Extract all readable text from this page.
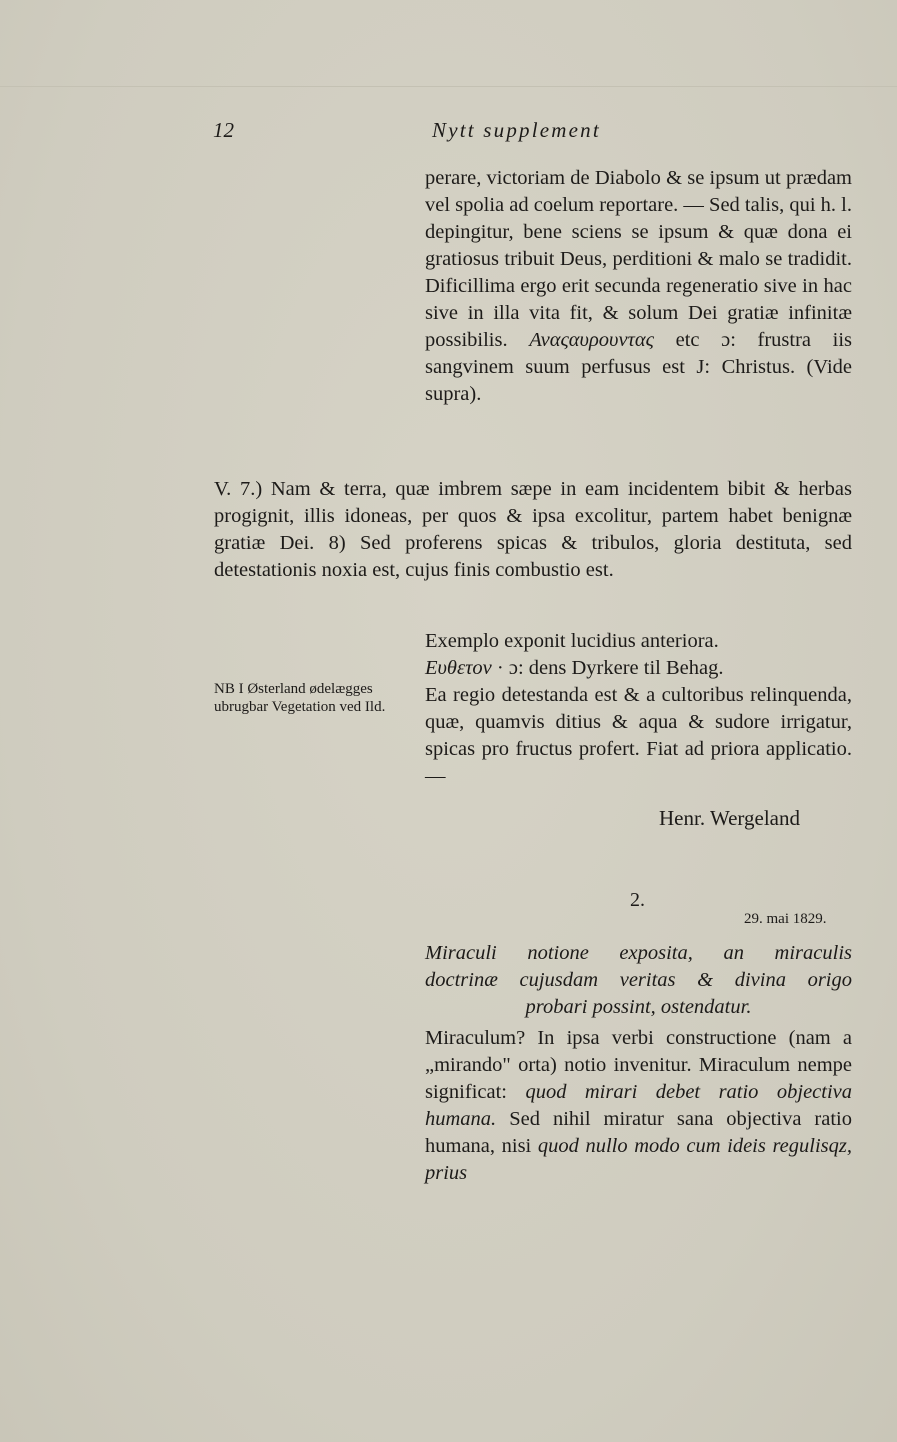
12	Nytt supplement
perare, victoriam de Diabolo & se ipsum ut prædam vel spolia ad coelum reportare. — Sed talis, qui h. l. depingitur, bene sciens se ipsum & quæ dona ei gratiosus tribuit Deus, perditioni & malo se tradidit. Dificillima ergo erit secunda regeneratio sive in hac sive in illa vita fit, & solum Dei gratiæ infinitæ possibilis. Αναςαυρουντας etc ɔ: frustra iis sangvinem suum perfusus est J: Christus. (Vide supra).
V. 7.) Nam & terra, quæ imbrem sæpe in eam incidentem bibit & herbas progignit, illis idoneas, per quos & ipsa excolitur, partem habet benignæ gratiæ Dei. 8) Sed proferens spicas & tribulos, gloria destituta, sed detestationis noxia est, cujus finis combustio est.
Exemplo exponit lucidius anteriora.
Ευθετον · ɔ: dens Dyrkere til Behag.
Ea regio detestanda est & a cultoribus relinquenda, quæ, quamvis ditius & aqua & sudore irrigatur, spicas pro fructus profert. Fiat ad priora applicatio. —
NB I Østerland ødelægges ubrugbar Vegetation ved Ild.
Henr. Wergeland
2.
29. mai 1829.
Miraculi notione exposita, an miraculis
doctrinæ cujusdam veritas & divina origo
probari possint, ostendatur.
Miraculum? In ipsa verbi constructione (nam a „mirando" orta) notio invenitur. Miraculum nempe significat: quod mirari debet ratio objectiva humana. Sed nihil miratur sana objectiva ratio humana, nisi quod nullo modo cum ideis regulisqz, prius
